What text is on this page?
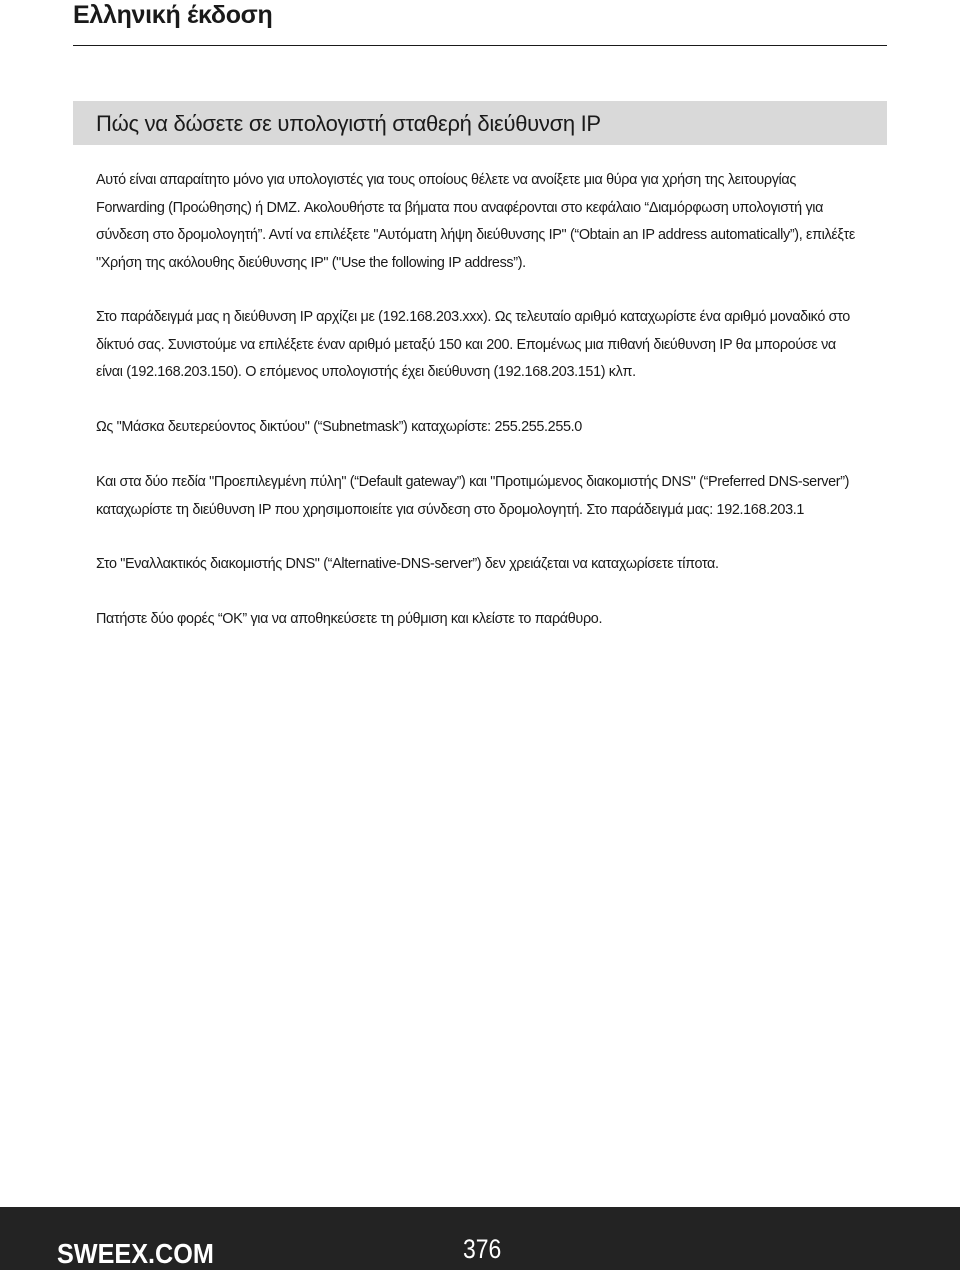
Ελληνική έκδοση
Πώς να δώσετε σε υπολογιστή σταθερή διεύθυνση IP
Αυτό είναι απαραίτητο μόνο για υπολογιστές για τους οποίους θέλετε να ανοίξετε μια θύρα για χρήση της λειτουργίας
Forwarding (Προώθησης) ή DMZ. Ακολουθήστε τα βήματα που αναφέρονται στο κεφάλαιο “Διαμόρφωση υπολογιστή για
σύνδεση στο δρομολογητή”. Αντί να επιλέξετε "Αυτόματη λήψη διεύθυνσης IP" (“Obtain an IP address automatically”), επιλέξτε
"Χρήση της ακόλουθης διεύθυνσης IP" ("Use the following IP address”).
Στο παράδειγμά μας η διεύθυνση IP αρχίζει με (192.168.203.xxx). Ως τελευταίο αριθμό καταχωρίστε ένα αριθμό μοναδικό στο
δίκτυό σας. Συνιστούμε να επιλέξετε έναν αριθμό μεταξύ 150 και 200. Επομένως μια πιθανή διεύθυνση IP θα μπορούσε να
είναι (192.168.203.150). Ο επόμενος υπολογιστής έχει διεύθυνση (192.168.203.151) κλπ.
Ως "Μάσκα δευτερεύοντος δικτύου" (“Subnetmask”) καταχωρίστε: 255.255.255.0
Και στα δύο πεδία "Προεπιλεγμένη πύλη" (“Default gateway”) και "Προτιμώμενος διακομιστής DNS" (“Preferred DNS-server”)
καταχωρίστε τη διεύθυνση IP που χρησιμοποιείτε για σύνδεση στο δρομολογητή. Στο παράδειγμά μας: 192.168.203.1
Στο "Εναλλακτικός διακομιστής DNS" (“Alternative-DNS-server”) δεν χρειάζεται να καταχωρίσετε τίποτα.
Πατήστε δύο φορές “OK” για να αποθηκεύσετε τη ρύθμιση και κλείστε το παράθυρο.
SWEEX.COM	376
